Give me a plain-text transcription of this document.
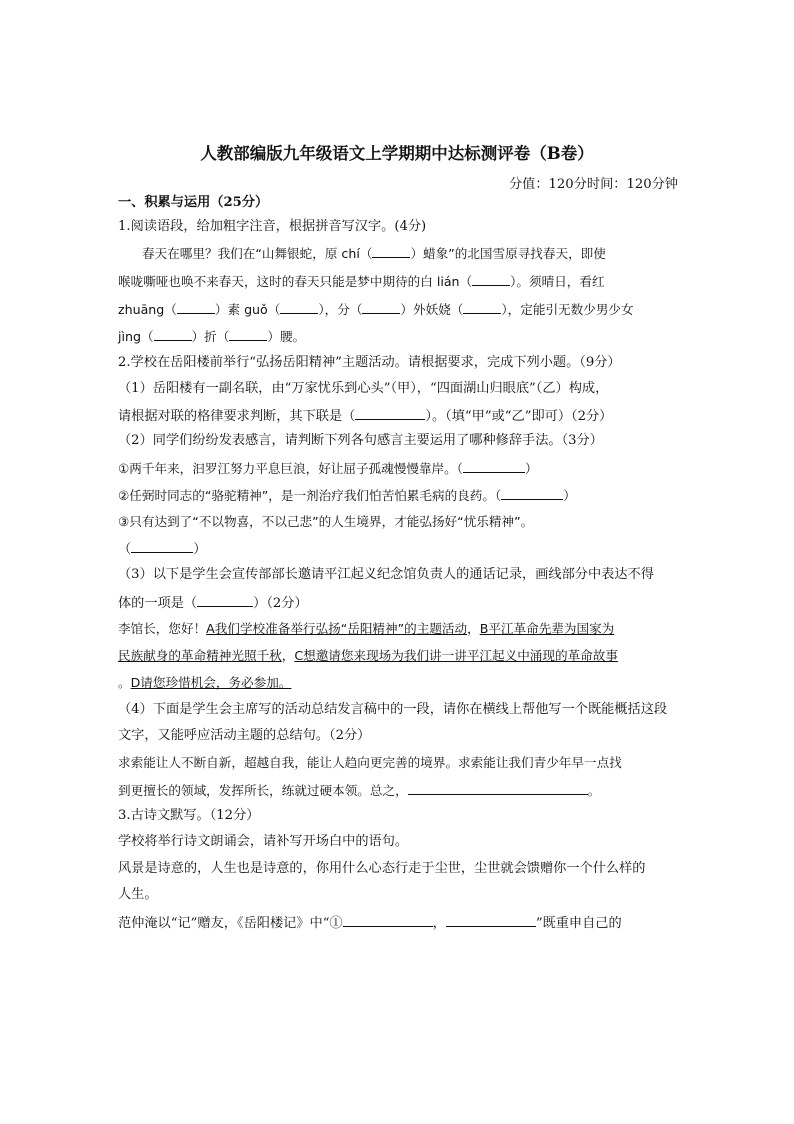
人教部编版九年级语文上学期期中达标测评卷（B卷）
分值：120分时间：120分钟
一、积累与运用（25分）
1.阅读语段，给加粗字注音，根据拼音写汉字。(4分)
春天在哪里？我们在“山舞银蛇，原 chí（	）蜡象”的北国雪原寻找春天，即使
喉咙嘶哑也唤不来春天，这时的春天只能是梦中期待的白 lián（	）。须晴日，看红
zhuāng（	）素 guǒ（	），分（	）外妖娆（	），定能引无数少男少女
jìng（	）折（	）腰。
2.学校在岳阳楼前举行“弘扬岳阳精神”主题活动。请根据要求，完成下列小题。（9分）
（1）岳阳楼有一副名联，由“万家忧乐到心头”（甲），“四面湖山归眼底”（乙）构成，
请根据对联的格律要求判断，其下联是（	）。（填“甲”或“乙”即可）（2分）
（2）同学们纷纷发表感言，请判断下列各句感言主要运用了哪种修辞手法。（3分）
①两千年来，汩罗江努力平息巨浪，好让屈子孤魂慢慢靠岸。（	）
②任弼时同志的“骆驼精神”，是一剂治疗我们怕苦怕累毛病的良药。（	）
③只有达到了“不以物喜，不以己悲”的人生境界，才能弘扬好“忧乐精神”。
（	）
（3）以下是学生会宣传部部长邀请平江起义纪念馆负责人的通话记录，画线部分中表达不得
体的一项是（	）（2分）
李馆长，您好！A我们学校准备举行弘扬“岳阳精神”的主题活动，B平江革命先辈为国家为
民族献身的革命精神光照千秋，C想邀请您来现场为我们讲一讲平江起义中涌现的革命故事
。D请您珍惜机会，务必参加。
（4）下面是学生会主席写的活动总结发言稿中的一段，请你在横线上帮他写一个既能概括这段
文字，又能呼应活动主题的总结句。（2分）
求索能让人不断自新，超越自我，能让人趋向更完善的境界。求索能让我们青少年早一点找
到更擅长的领域，发挥所长，练就过硬本领。总之，	。
3.古诗文默写。（12分）
学校将举行诗文朗诵会，请补写开场白中的语句。
风景是诗意的，人生也是诗意的，你用什么心态行走于尘世，尘世就会馈赠你一个什么样的
人生。
范仲淹以“记”赠友，《岳阳楼记》中“①	，	”既重申自己的
